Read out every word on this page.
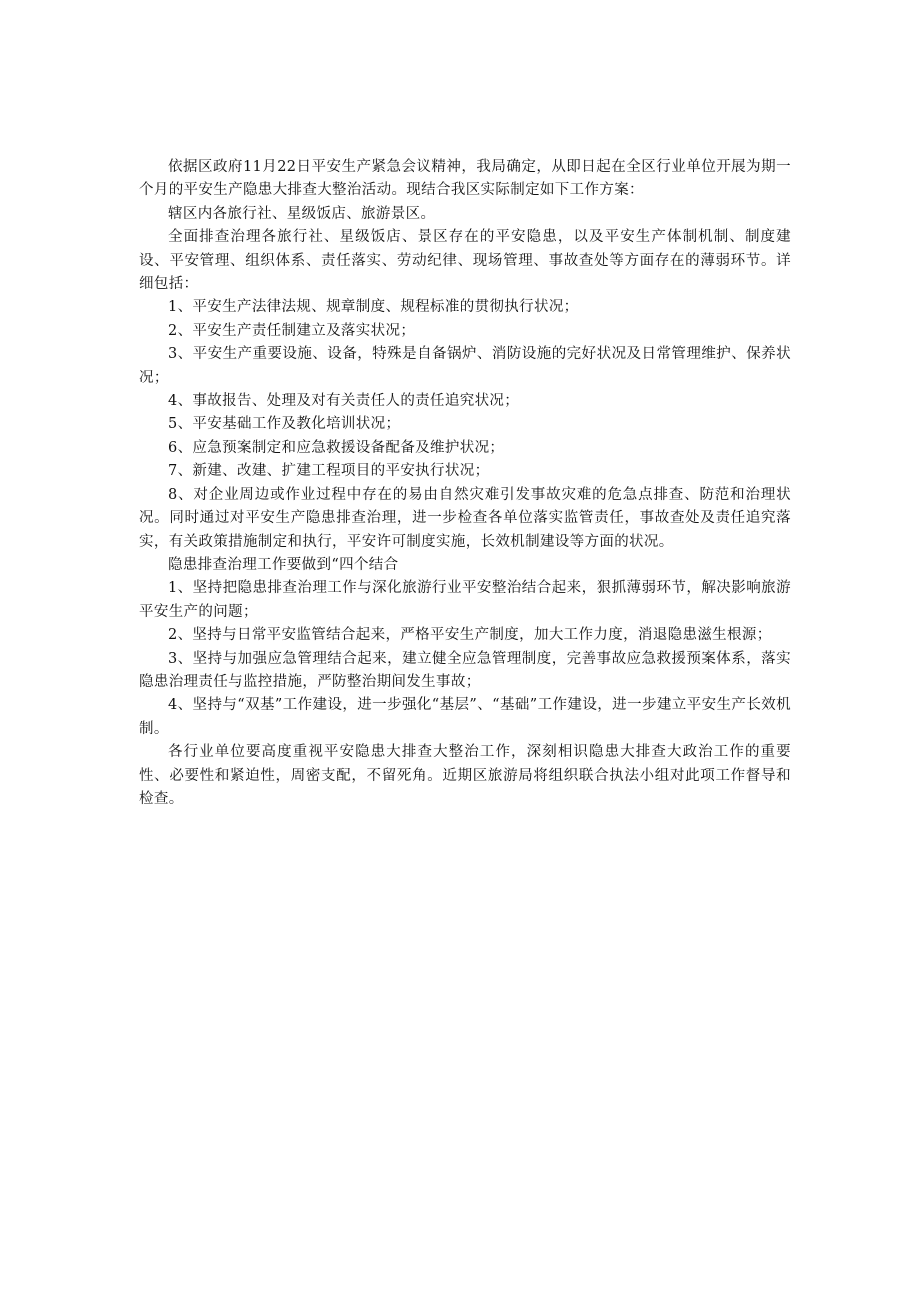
依据区政府11月22日平安生产紧急会议精神，我局确定，从即日起在全区行业单位开展为期一个月的平安生产隐患大排查大整治活动。现结合我区实际制定如下工作方案：

辖区内各旅行社、星级饭店、旅游景区。

全面排查治理各旅行社、星级饭店、景区存在的平安隐患，以及平安生产体制机制、制度建设、平安管理、组织体系、责任落实、劳动纪律、现场管理、事故查处等方面存在的薄弱环节。详细包括：

1、平安生产法律法规、规章制度、规程标准的贯彻执行状况；

2、平安生产责任制建立及落实状况；

3、平安生产重要设施、设备，特殊是自备锅炉、消防设施的完好状况及日常管理维护、保养状况；

4、事故报告、处理及对有关责任人的责任追究状况；

5、平安基础工作及教化培训状况；

6、应急预案制定和应急救援设备配备及维护状况；

7、新建、改建、扩建工程项目的平安执行状况；

8、对企业周边或作业过程中存在的易由自然灾难引发事故灾难的危急点排查、防范和治理状况。同时通过对平安生产隐患排查治理，进一步检查各单位落实监管责任，事故查处及责任追究落实，有关政策措施制定和执行，平安许可制度实施，长效机制建设等方面的状况。

隐患排查治理工作要做到“四个结合

1、坚持把隐患排查治理工作与深化旅游行业平安整治结合起来，狠抓薄弱环节，解决影响旅游平安生产的问题；

2、坚持与日常平安监管结合起来，严格平安生产制度，加大工作力度，消退隐患滋生根源；

3、坚持与加强应急管理结合起来，建立健全应急管理制度，完善事故应急救援预案体系，落实隐患治理责任与监控措施，严防整治期间发生事故；

4、坚持与“双基”工作建设，进一步强化“基层”、“基础”工作建设，进一步建立平安生产长效机制。

各行业单位要高度重视平安隐患大排查大整治工作，深刻相识隐患大排查大政治工作的重要性、必要性和紧迫性，周密支配，不留死角。近期区旅游局将组织联合执法小组对此项工作督导和检查。
